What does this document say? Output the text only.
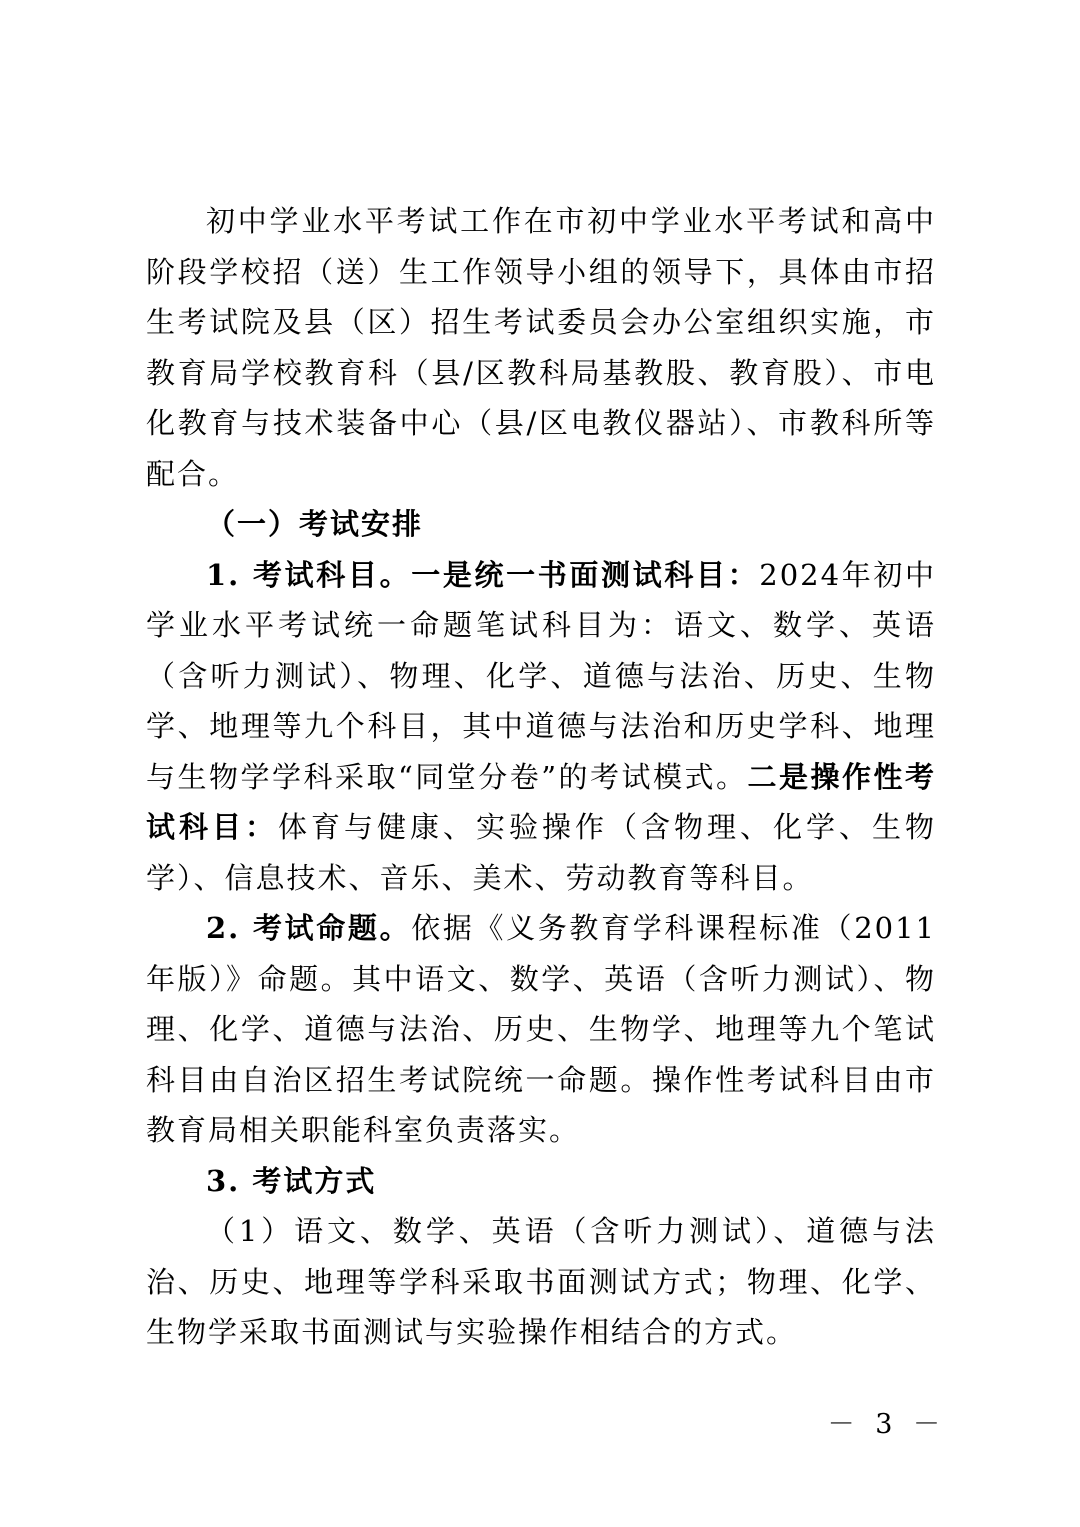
初中学业水平考试工作在市初中学业水平考试和高中阶段学校招（送）生工作领导小组的领导下，具体由市招生考试院及县（区）招生考试委员会办公室组织实施，市教育局学校教育科（县/区教科局基教股、教育股）、市电化教育与技术装备中心（县/区电教仪器站）、市教科所等配合。

（一）考试安排

1. 考试科目。一是统一书面测试科目：2024年初中学业水平考试统一命题笔试科目为：语文、数学、英语（含听力测试）、物理、化学、道德与法治、历史、生物学、地理等九个科目，其中道德与法治和历史学科、地理与生物学学科采取“同堂分卷”的考试模式。二是操作性考试科目：体育与健康、实验操作（含物理、化学、生物学）、信息技术、音乐、美术、劳动教育等科目。

2. 考试命题。依据《义务教育学科课程标准（2011年版）》命题。其中语文、数学、英语（含听力测试）、物理、化学、道德与法治、历史、生物学、地理等九个笔试科目由自治区招生考试院统一命题。操作性考试科目由市教育局相关职能科室负责落实。

3. 考试方式

（1）语文、数学、英语（含听力测试）、道德与法治、历史、地理等学科采取书面测试方式；物理、化学、生物学采取书面测试与实验操作相结合的方式。

－ 3 －
